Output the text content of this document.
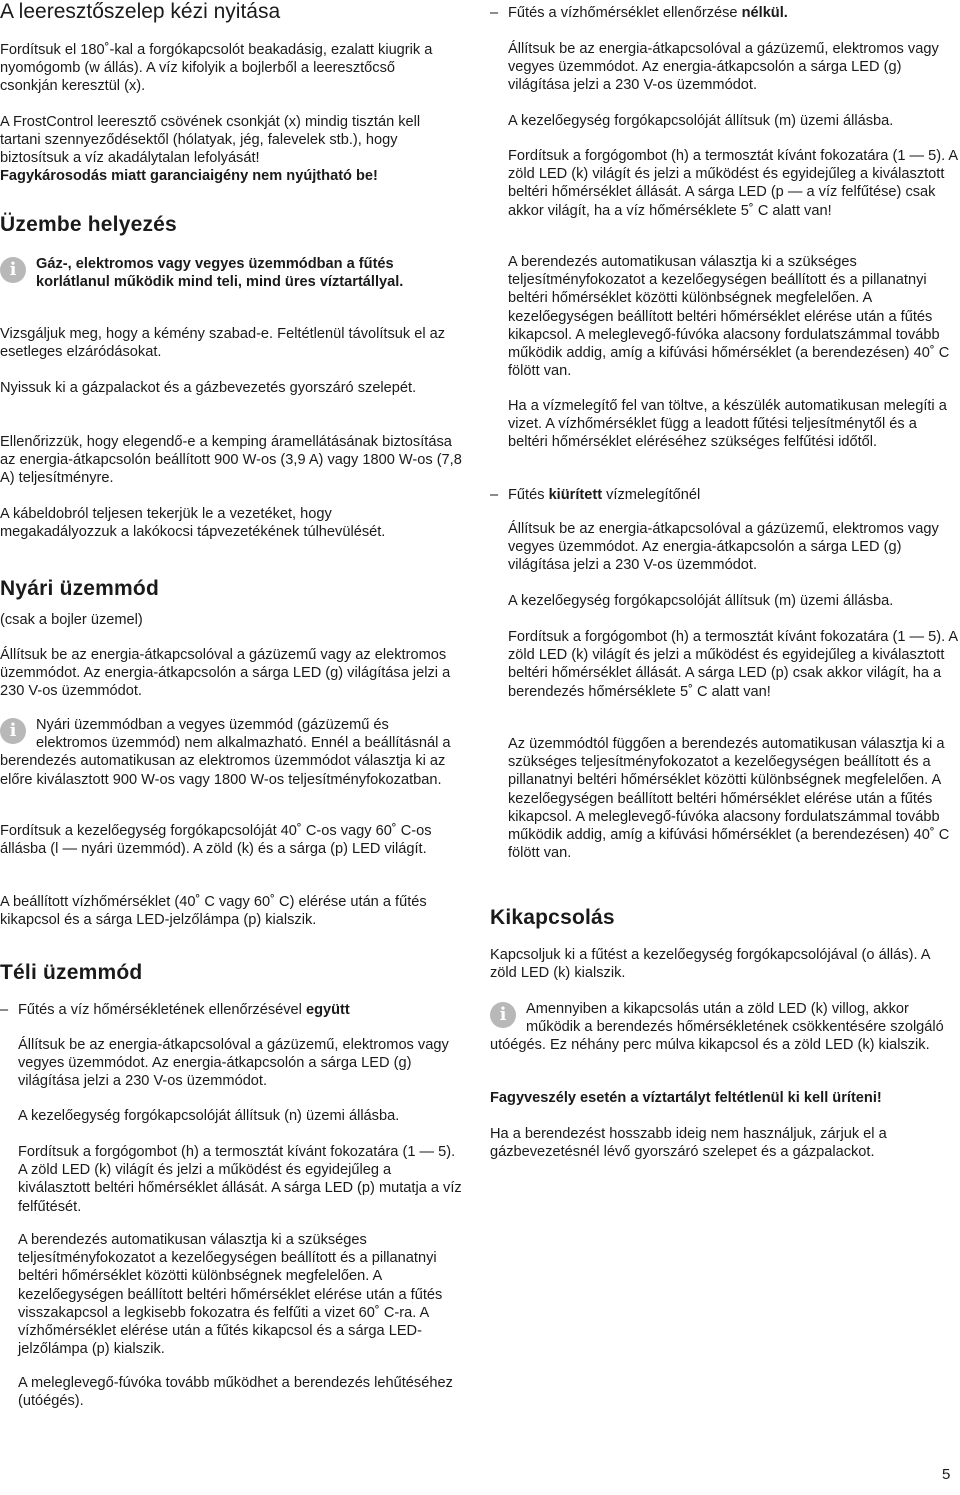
A leeresztőszelep kézi nyitása

Fordítsuk el 180˚-kal a forgókapcsolót beakadásig, ezalatt kiugrik a nyomógomb (w állás). A víz kifolyik a bojlerből a leeresztőcső csonkján keresztül (x).

A FrostControl leeresztő csövének csonkját (x) mindig tisztán kell tartani szennyeződésektől (hólatyak, jég, falevelek stb.), hogy biztosítsuk a víz akadálytalan lefolyását!

Fagykárosodás miatt garanciaigény nem nyújtható be!

Üzembe helyezés
i	Gáz-, elektromos vagy vegyes üzemmódban a fűtés korlátlanul működik mind teli, mind üres víztartállyal.

Vizsgáljuk meg, hogy a kémény szabad-e. Feltétlenül távolítsuk el az esetleges elzáródásokat.

Nyissuk ki a gázpalackot és a gázbevezetés gyorszáró szelepét.

Ellenőrizzük, hogy elegendő-e a kemping áramellátásának biztosítása az energia-átkapcsolón beállított 900 W-os (3,9 A) vagy 1800 W-os (7,8 A) teljesítményre.

A kábeldobról teljesen tekerjük le a vezetéket, hogy megakadályozzuk a lakókocsi tápvezetékének túlhevülését.

Nyári üzemmód

(csak a bojler üzemel)

Állítsuk be az energia-átkapcsolóval a gázüzemű vagy az elektromos üzemmódot. Az energia-átkapcsolón a sárga LED (g) világítása jelzi a 230 V-os üzemmódot.

i	Nyári üzemmódban a vegyes üzemmód (gázüzemű és elektromos üzemmód) nem alkalmazható. Ennél a beállításnál a berendezés automatikusan az elektromos üzemmódot választja ki az előre kiválasztott 900 W-os vagy 1800 W-os teljesítményfokozatban.

Fordítsuk a kezelőegység forgókapcsolóját 40˚ C-os vagy 60˚ C-os állásba (l — nyári üzemmód). A zöld (k) és a sárga (p) LED világít.

A beállított vízhőmérséklet (40˚ C vagy 60˚ C) elérése után a fűtés kikapcsol és a sárga LED-jelzőlámpa (p) kialszik.

Téli üzemmód

– Fűtés a víz hőmérsékletének ellenőrzésével együtt

Állítsuk be az energia-átkapcsolóval a gázüzemű, elektromos vagy vegyes üzemmódot. Az energia-átkapcsolón a sárga LED (g) világítása jelzi a 230 V-os üzemmódot.

A kezelőegység forgókapcsolóját állítsuk (n) üzemi állásba.

Fordítsuk a forgógombot (h) a termosztát kívánt fokozatára (1 — 5). A zöld LED (k) világít és jelzi a működést és egyidejűleg a kiválasztott beltéri hőmérséklet állását. A sárga LED (p) mutatja a víz felfűtését.

A berendezés automatikusan választja ki a szükséges teljesítményfokozatot a kezelőegységen beállított és a pillanatnyi beltéri hőmérséklet közötti különbségnek megfelelően. A kezelőegységen beállított beltéri hőmérséklet elérése után a fűtés visszakapcsol a legkisebb fokozatra és felfűti a vizet 60˚ C-ra. A vízhőmérséklet elérése után a fűtés kikapcsol és a sárga LED-jelzőlámpa (p) kialszik.

A meleglevegő-fúvóka tovább működhet a berendezés lehűtéséhez (utóégés).

– Fűtés a vízhőmérséklet ellenőrzése nélkül.

Állítsuk be az energia-átkapcsolóval a gázüzemű, elektromos vagy vegyes üzemmódot. Az energia-átkapcsolón a sárga LED (g) világítása jelzi a 230 V-os üzemmódot.

A kezelőegység forgókapcsolóját állítsuk (m) üzemi állásba.

Fordítsuk a forgógombot (h) a termosztát kívánt fokozatára (1 — 5). A zöld LED (k) világít és jelzi a működést és egyidejűleg a kiválasztott beltéri hőmérséklet állását. A sárga LED (p — a víz felfűtése) csak akkor világít, ha a víz hőmérséklete 5˚ C alatt van!

A berendezés automatikusan választja ki a szükséges teljesítményfokozatot a kezelőegységen beállított és a pillanatnyi beltéri hőmérséklet közötti különbségnek megfelelően. A kezelőegységen beállított beltéri hőmérséklet elérése után a fűtés kikapcsol. A meleglevegő-fúvóka alacsony fordulatszámmal tovább működik addig, amíg a kifúvási hőmérséklet (a berendezésen) 40˚ C fölött van.

Ha a vízmelegítő fel van töltve, a készülék automatikusan melegíti a vizet. A vízhőmérséklet függ a leadott fűtési teljesítménytől és a beltéri hőmérséklet eléréséhez szükséges felfűtési időtől.

– Fűtés kiürített vízmelegítőnél

Állítsuk be az energia-átkapcsolóval a gázüzemű, elektromos vagy vegyes üzemmódot. Az energia-átkapcsolón a sárga LED (g) világítása jelzi a 230 V-os üzemmódot.

A kezelőegység forgókapcsolóját állítsuk (m) üzemi állásba.

Fordítsuk a forgógombot (h) a termosztát kívánt fokozatára (1 — 5). A zöld LED (k) világít és jelzi a működést és egyidejűleg a kiválasztott beltéri hőmérséklet állását. A sárga LED (p) csak akkor világít, ha a berendezés hőmérséklete 5˚ C alatt van!

Az üzemmódtól függően a berendezés automatikusan választja ki a szükséges teljesítményfokozatot a kezelőegységen beállított és a pillanatnyi beltéri hőmérséklet közötti különbségnek megfelelően. A kezelőegységen beállított beltéri hőmérséklet elérése után a fűtés kikapcsol. A meleglevegő-fúvóka alacsony fordulatszámmal tovább működik addig, amíg a kifúvási hőmérséklet (a berendezésen) 40˚ C fölött van.

Kikapcsolás

Kapcsoljuk ki a fűtést a kezelőegység forgókapcsolójával (o állás). A zöld LED (k) kialszik.

i	Amennyiben a kikapcsolás után a zöld LED (k) villog, akkor működik a berendezés hőmérsékletének csökkentésére szolgáló utóégés. Ez néhány perc múlva kikapcsol és a zöld LED (k) kialszik.

Fagyveszély esetén a víztartályt feltétlenül ki kell üríteni!

Ha a berendezést hosszabb ideig nem használjuk, zárjuk el a gázbevezetésnél lévő gyorszáró szelepet és a gázpalackot.

5
